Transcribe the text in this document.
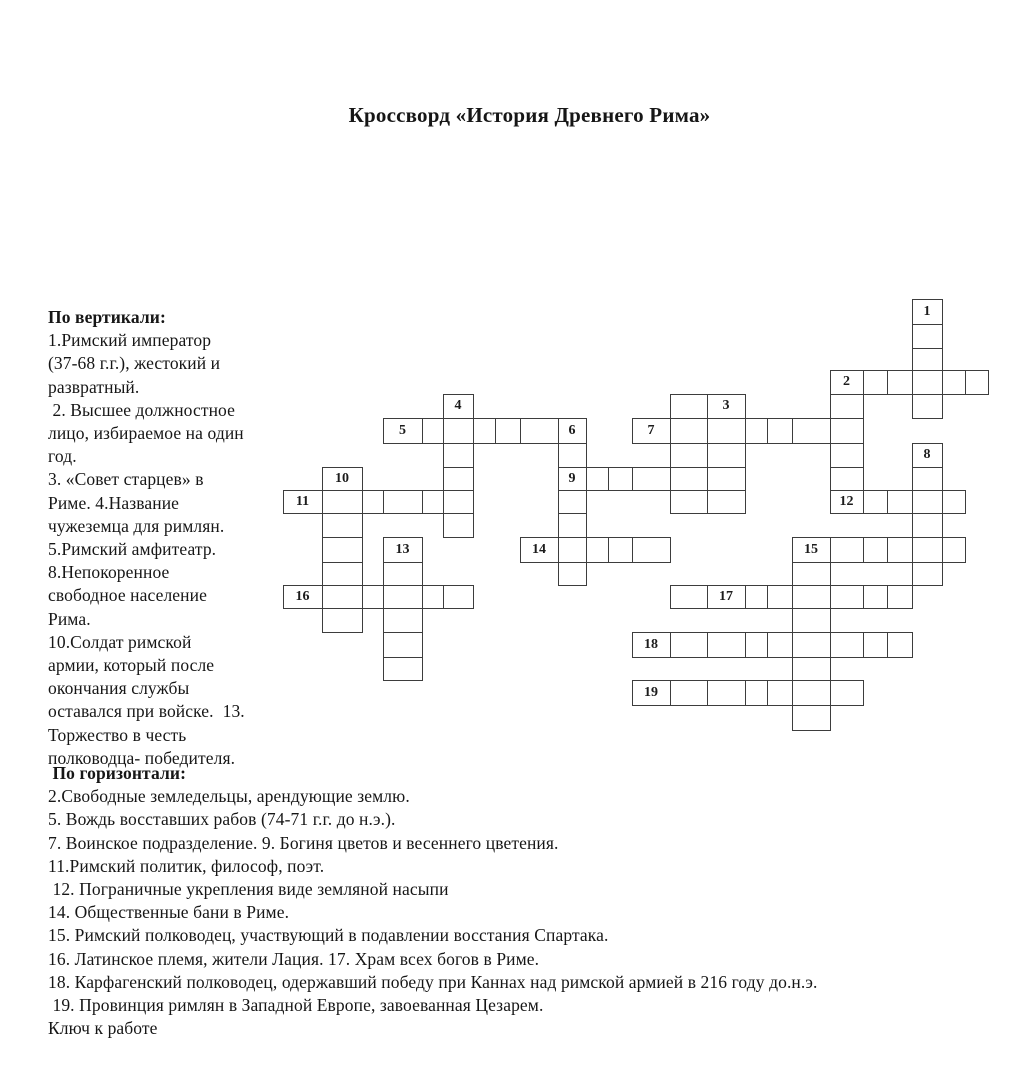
Кроссворд «История Древнего Рима»
По вертикали:
1.Римский император
(37-68 г.г.), жестокий и
развратный.
2. Высшее должностное
лицо, избираемое на один
год.
3. «Совет старцев» в
Риме. 4.Название
чужеземца для римлян.
5.Римский амфитеатр.
8.Непокоренное
свободное население
Рима.
10.Солдат римской
армии, который после
окончания службы
оставался при войске.  13.
Торжество в честь
полководца- победителя.
По горизонтали:
2.Свободные земледельцы, арендующие землю.
5. Вождь восставших рабов (74-71 г.г. до н.э.).
7. Воинское подразделение. 9. Богиня цветов и весеннего цветения.
11.Римский политик, философ, поэт.
12. Пограничные укрепления виде земляной насыпи
14. Общественные бани в Риме.
15. Римский полководец, участвующий в подавлении восстания Спартака.
16. Латинское племя, жители Лация. 17. Храм всех богов в Риме.
18. Карфагенский полководец, одержавший победу при Каннах над римской армией в 216 году до.н.э.
19. Провинция римлян в Западной Европе, завоеванная Цезарем.
Ключ к работе
1
2
3
4
5	6	7
8
9
10
11	12
13	14	15
16	17
18
19
